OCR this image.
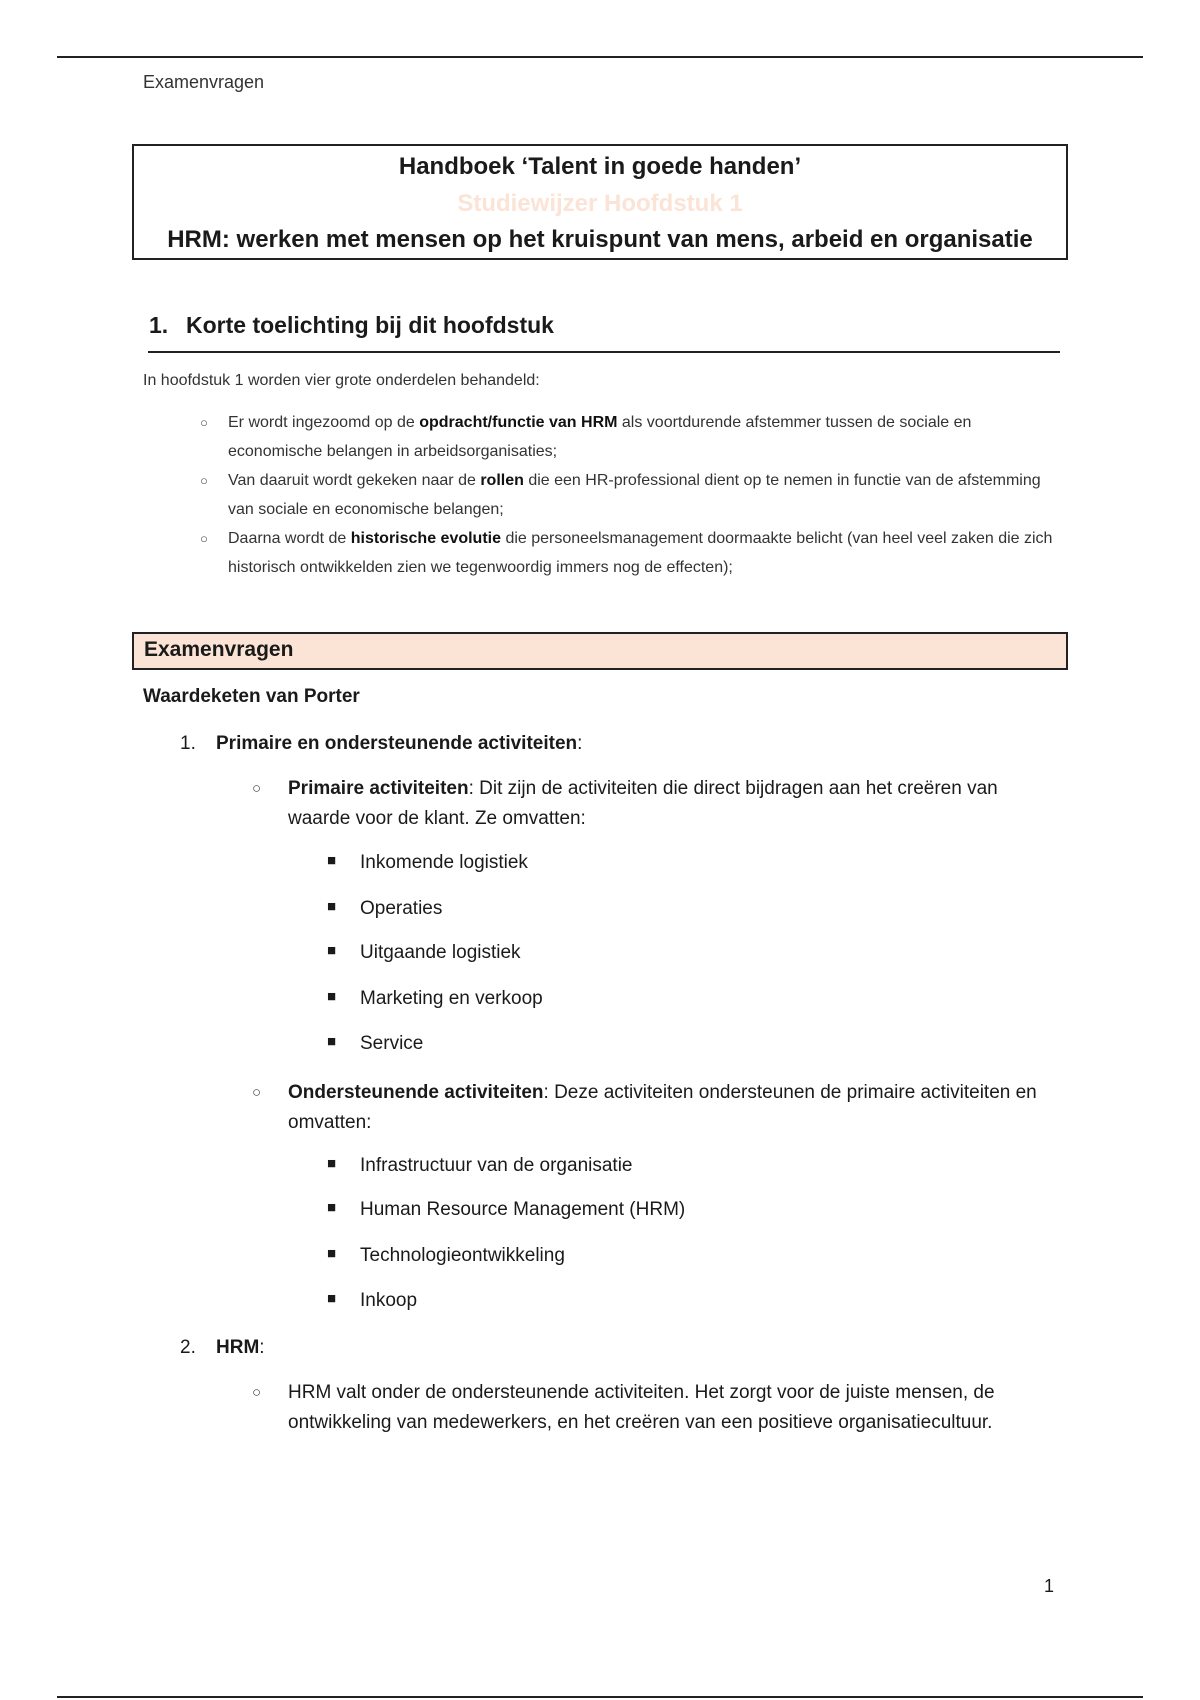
Examenvragen
Handboek ‘Talent in goede handen’
Studiewijzer Hoofdstuk 1
HRM: werken met mensen op het kruispunt van mens, arbeid en organisatie
1. Korte toelichting bij dit hoofdstuk
In hoofdstuk 1 worden vier grote onderdelen behandeld:
○ Er wordt ingezoomd op de opdracht/functie van HRM als voortdurende afstemmer tussen de sociale en economische belangen in arbeidsorganisaties;
○ Van daaruit wordt gekeken naar de rollen die een HR-professional dient op te nemen in functie van de afstemming van sociale en economische belangen;
○ Daarna wordt de historische evolutie die personeelsmanagement doormaakte belicht (van heel veel zaken die zich historisch ontwikkelden zien we tegenwoordig immers nog de effecten);
Examenvragen
Waardeketen van Porter
1. Primaire en ondersteunende activiteiten:
○ Primaire activiteiten: Dit zijn de activiteiten die direct bijdragen aan het creëren van waarde voor de klant. Ze omvatten:
■ Inkomende logistiek
■ Operaties
■ Uitgaande logistiek
■ Marketing en verkoop
■ Service
○ Ondersteunende activiteiten: Deze activiteiten ondersteunen de primaire activiteiten en omvatten:
■ Infrastructuur van de organisatie
■ Human Resource Management (HRM)
■ Technologieontwikkeling
■ Inkoop
2. HRM:
○ HRM valt onder de ondersteunende activiteiten. Het zorgt voor de juiste mensen, de ontwikkeling van medewerkers, en het creëren van een positieve organisatiecultuur.
1
